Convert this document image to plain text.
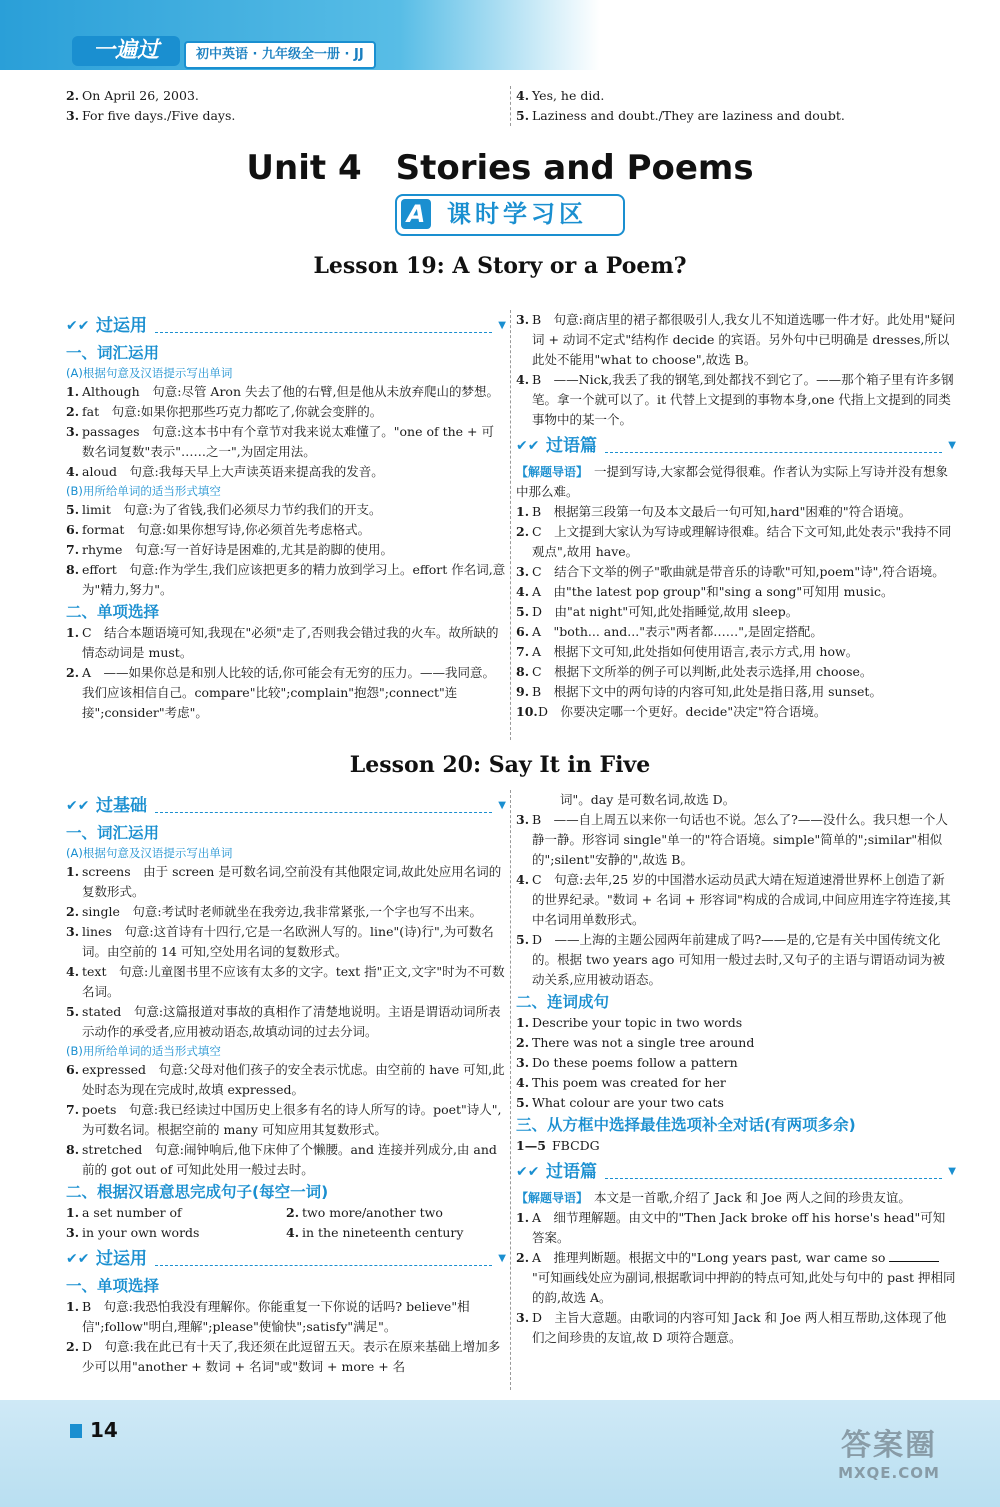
一遍过	初中英语 · 九年级全一册 · JJ
2. On April 26, 2003.
3. For five days./Five days.
4. Yes, he did.
5. Laziness and doubt./They are laziness and doubt.
Unit 4　Stories and Poems
A 课时学习区
Lesson 19: A Story or a Poem?
✔✔ 过运用	▼
一、词汇运用
(A)根据句意及汉语提示写出单词
1. Although　句意:尽管 Aron 失去了他的右臂,但是他从未放弃爬山的梦想。
2. fat　句意:如果你把那些巧克力都吃了,你就会变胖的。
3. passages　句意:这本书中有个章节对我来说太难懂了。"one of the + 可数名词复数"表示"……之一",为固定用法。
4. aloud　句意:我每天早上大声读英语来提高我的发音。
(B)用所给单词的适当形式填空
5. limit　句意:为了省钱,我们必须尽力节约我们的开支。
6. format　句意:如果你想写诗,你必须首先考虑格式。
7. rhyme　句意:写一首好诗是困难的,尤其是韵脚的使用。
8. effort　句意:作为学生,我们应该把更多的精力放到学习上。effort 作名词,意为"精力,努力"。
二、单项选择
1. C　结合本题语境可知,我现在"必须"走了,否则我会错过我的火车。故所缺的情态动词是 must。
2. A　——如果你总是和别人比较的话,你可能会有无穷的压力。——我同意。我们应该相信自己。compare"比较";complain"抱怨";connect"连接";consider"考虑"。
3. B　句意:商店里的裙子都很吸引人,我女儿不知道选哪一件才好。此处用"疑问词 + 动词不定式"结构作 decide 的宾语。另外句中已明确是 dresses,所以此处不能用"what to choose",故选 B。
4. B　——Nick,我丢了我的钢笔,到处都找不到它了。——那个箱子里有许多钢笔。拿一个就可以了。it 代替上文提到的事物本身,one 代指上文提到的同类事物中的某一个。
✔✔ 过语篇	▼
【解题导语】 一提到写诗,大家都会觉得很难。作者认为实际上写诗并没有想象中那么难。
1. B　根据第三段第一句及本文最后一句可知,hard"困难的"符合语境。
2. C　上文提到大家认为写诗或理解诗很难。结合下文可知,此处表示"我持不同观点",故用 have。
3. C　结合下文举的例子"歌曲就是带音乐的诗歌"可知,poem"诗",符合语境。
4. A　由"the latest pop group"和"sing a song"可知用 music。
5. D　由"at night"可知,此处指睡觉,故用 sleep。
6. A　"both... and..."表示"两者都……",是固定搭配。
7. A　根据下文可知,此处指如何使用语言,表示方式,用 how。
8. C　根据下文所举的例子可以判断,此处表示选择,用 choose。
9. B　根据下文中的两句诗的内容可知,此处是指日落,用 sunset。
10. D　你要决定哪一个更好。decide"决定"符合语境。
Lesson 20: Say It in Five
✔✔ 过基础	▼
一、词汇运用
(A)根据句意及汉语提示写出单词
1. screens　由于 screen 是可数名词,空前没有其他限定词,故此处应用名词的复数形式。
2. single　句意:考试时老师就坐在我旁边,我非常紧张,一个字也写不出来。
3. lines　句意:这首诗有十四行,它是一名欧洲人写的。line"(诗)行",为可数名词。由空前的 14 可知,空处用名词的复数形式。
4. text　句意:儿童图书里不应该有太多的文字。text 指"正文,文字"时为不可数名词。
5. stated　句意:这篇报道对事故的真相作了清楚地说明。主语是谓语动词所表示动作的承受者,应用被动语态,故填动词的过去分词。
(B)用所给单词的适当形式填空
6. expressed　句意:父母对他们孩子的安全表示忧虑。由空前的 have 可知,此处时态为现在完成时,故填 expressed。
7. poets　句意:我已经读过中国历史上很多有名的诗人所写的诗。poet"诗人",为可数名词。根据空前的 many 可知应用其复数形式。
8. stretched　句意:闹钟响后,他下床伸了个懒腰。and 连接并列成分,由 and 前的 got out of 可知此处用一般过去时。
二、根据汉语意思完成句子(每空一词)
1. a set number of	2. two more/another two
3. in your own words	4. in the nineteenth century
✔✔ 过运用	▼
一、单项选择
1. B　句意:我恐怕我没有理解你。你能重复一下你说的话吗? believe"相信";follow"明白,理解";please"使愉快";satisfy"满足"。
2. D　句意:我在此已有十天了,我还须在此逗留五天。表示在原来基础上增加多少可以用"another + 数词 + 名词"或"数词 + more + 名
词"。day 是可数名词,故选 D。
3. B　——自上周五以来你一句话也不说。怎么了?——没什么。我只想一个人静一静。形容词 single"单一的"符合语境。simple"简单的";similar"相似的";silent"安静的",故选 B。
4. C　句意:去年,25 岁的中国潜水运动员武大靖在短道速滑世界杯上创造了新的世界纪录。"数词 + 名词 + 形容词"构成的合成词,中间应用连字符连接,其中名词用单数形式。
5. D　——上海的主题公园两年前建成了吗?——是的,它是有关中国传统文化的。根据 two years ago 可知用一般过去时,又句子的主语与谓语动词为被动关系,应用被动语态。
二、连词成句
1. Describe your topic in two words
2. There was not a single tree around
3. Do these poems follow a pattern
4. This poem was created for her
5. What colour are your two cats
三、从方框中选择最佳选项补全对话(有两项多余)
1—5 FBCDG
✔✔ 过语篇	▼
【解题导语】 本文是一首歌,介绍了 Jack 和 Joe 两人之间的珍贵友谊。
1. A　细节理解题。由文中的"Then Jack broke off his horse's head"可知答案。
2. A　推理判断题。根据文中的"Long years past, war came so "可知画线处应为副词,根据歌词中押韵的特点可知,此处与句中的 past 押相同的韵,故选 A。
3. D　主旨大意题。由歌词的内容可知 Jack 和 Joe 两人相互帮助,这体现了他们之间珍贵的友谊,故 D 项符合题意。
14	答案圈
MXQE.COM
